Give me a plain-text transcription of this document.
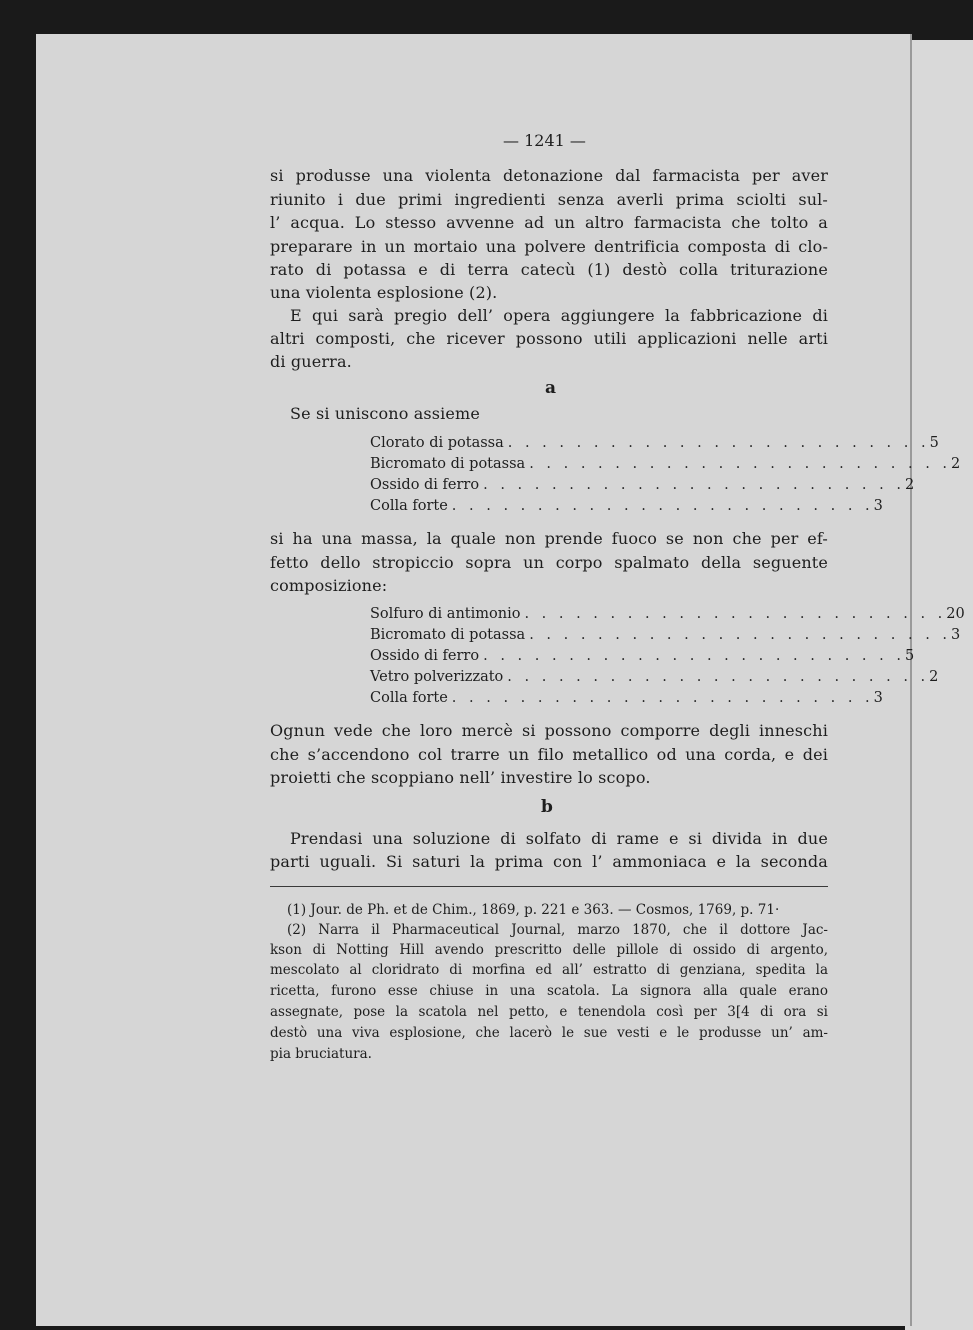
— 1241 —
si produsse una violenta detonazione dal farmacista per aver
riunito i due primi ingredienti senza averli prima sciolti sul-
l’ acqua. Lo stesso avvenne ad un altro farmacista che tolto a
preparare in un mortaio una polvere dentrificia composta di clo-
rato di potassa e di terra catecù (1) destò colla triturazione
una violenta esplosione (2).
E qui sarà pregio dell’ opera aggiungere la fabbricazione di
altri composti, che ricever possono utili applicazioni nelle arti
di guerra.
a
Se si uniscono assieme
Clorato di potassa . . . . . . . . . . . . . . . . . . . . . . . . . 5
Bicromato di potassa . . . . . . . . . . . . . . . . . . . . . . . . . 2
Ossido di ferro . . . . . . . . . . . . . . . . . . . . . . . . . 2
Colla forte . . . . . . . . . . . . . . . . . . . . . . . . . 3
si ha una massa, la quale non prende fuoco se non che per ef-
fetto dello stropiccio sopra un corpo spalmato della seguente
composizione:
Solfuro di antimonio . . . . . . . . . . . . . . . . . . . . . . . . . 20
Bicromato di potassa . . . . . . . . . . . . . . . . . . . . . . . . . 3
Ossido di ferro . . . . . . . . . . . . . . . . . . . . . . . . . 5
Vetro polverizzato . . . . . . . . . . . . . . . . . . . . . . . . . 2
Colla forte . . . . . . . . . . . . . . . . . . . . . . . . . 3
Ognun vede che loro mercè si possono comporre degli inneschi
che s’accendono col trarre un filo metallico od una corda, e dei
proietti che scoppiano nell’ investire lo scopo.
b
Prendasi una soluzione di solfato di rame e si divida in due
parti uguali. Si saturi la prima con l’ ammoniaca e la seconda
(1) Jour. de Ph. et de Chim., 1869, p. 221 e 363. — Cosmos, 1769, p. 71·
(2) Narra il Pharmaceutical Journal, marzo 1870, che il dottore Jac-
kson di Notting Hill avendo prescritto delle pillole di ossido di argento,
mescolato al cloridrato di morfina ed all’ estratto di genziana, spedita la
ricetta, furono esse chiuse in una scatola. La signora alla quale erano
assegnate, pose la scatola nel petto, e tenendola così per 3[4 di ora si
destò una viva esplosione, che lacerò le sue vesti e le produsse un’ am-
pia bruciatura.
